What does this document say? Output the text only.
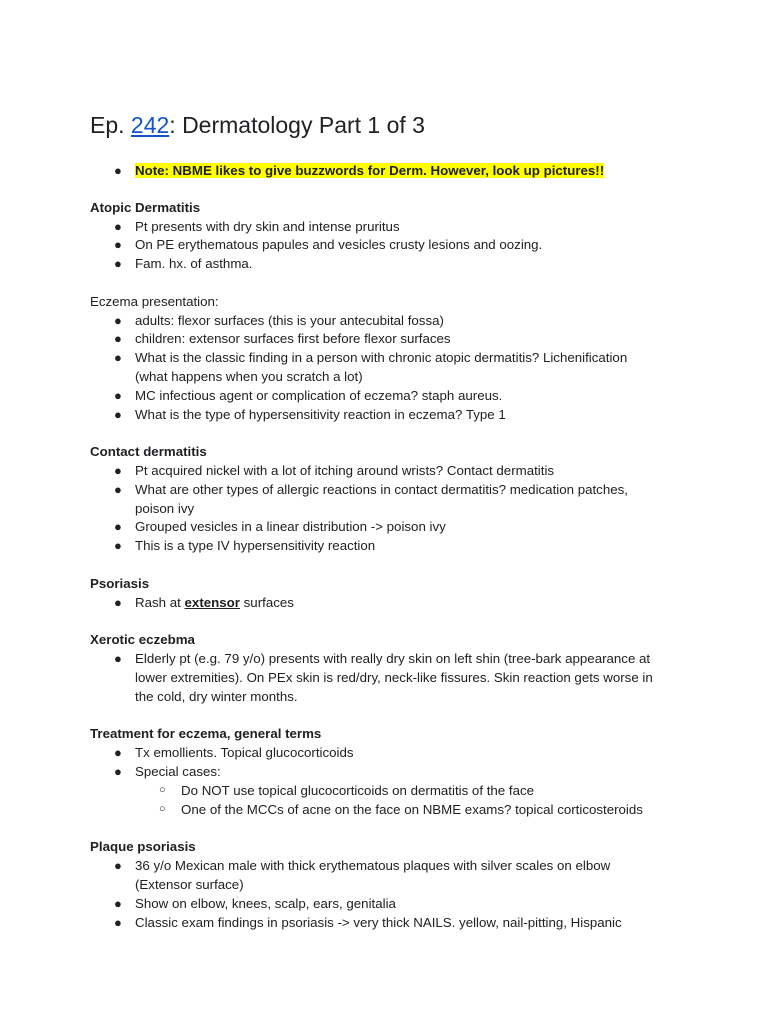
Ep. 242: Dermatology Part 1 of 3
● Note: NBME likes to give buzzwords for Derm. However, look up pictures!!
Atopic Dermatitis
● Pt presents with dry skin and intense pruritus
● On PE erythematous papules and vesicles crusty lesions and oozing.
● Fam. hx. of asthma.
Eczema presentation:
● adults: flexor surfaces (this is your antecubital fossa)
● children: extensor surfaces first before flexor surfaces
● What is the classic finding in a person with chronic atopic dermatitis? Lichenification
(what happens when you scratch a lot)
● MC infectious agent or complication of eczema? staph aureus.
● What is the type of hypersensitivity reaction in eczema? Type 1
Contact dermatitis
● Pt acquired nickel with a lot of itching around wrists? Contact dermatitis
● What are other types of allergic reactions in contact dermatitis? medication patches,
poison ivy
● Grouped vesicles in a linear distribution -> poison ivy
● This is a type IV hypersensitivity reaction
Psoriasis
● Rash at extensor surfaces
Xerotic eczebma
● Elderly pt (e.g. 79 y/o) presents with really dry skin on left shin (tree-bark appearance at
lower extremities). On PEx skin is red/dry, neck-like fissures. Skin reaction gets worse in
the cold, dry winter months.
Treatment for eczema, general terms
● Tx emollients. Topical glucocorticoids
● Special cases:
○ Do NOT use topical glucocorticoids on dermatitis of the face
○ One of the MCCs of acne on the face on NBME exams? topical corticosteroids
Plaque psoriasis
● 36 y/o Mexican male with thick erythematous plaques with silver scales on elbow
(Extensor surface)
● Show on elbow, knees, scalp, ears, genitalia
● Classic exam findings in psoriasis -> very thick NAILS. yellow, nail-pitting, Hispanic
